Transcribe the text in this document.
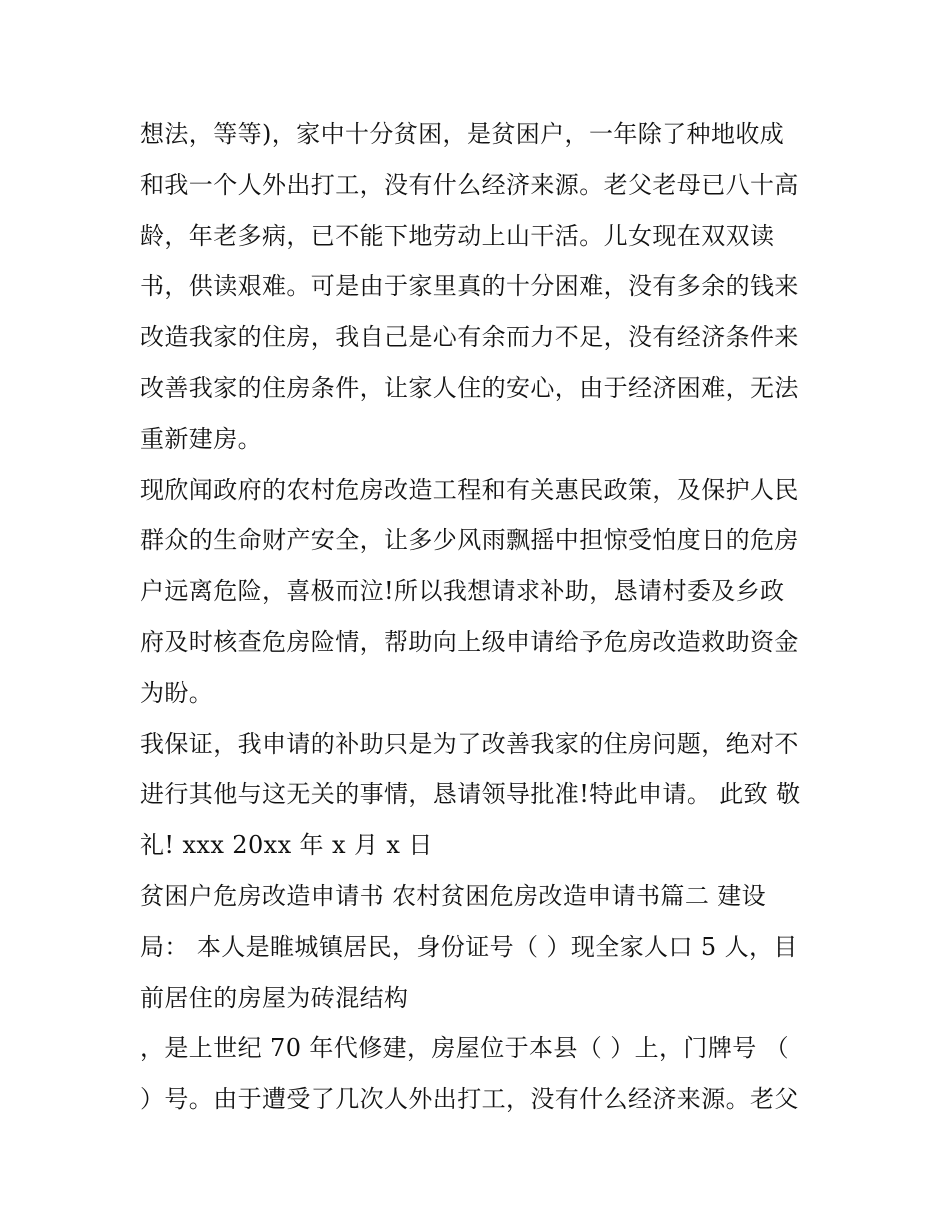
想法，等等)，家中十分贫困，是贫困户，一年除了种地收成
和我一个人外出打工，没有什么经济来源。老父老母已八十高
龄，年老多病，已不能下地劳动上山干活。儿女现在双双读
书，供读艰难。可是由于家里真的十分困难，没有多余的钱来
改造我家的住房，我自己是心有余而力不足，没有经济条件来
改善我家的住房条件，让家人住的安心，由于经济困难，无法
重新建房。
现欣闻政府的农村危房改造工程和有关惠民政策，及保护人民
群众的生命财产安全，让多少风雨飘摇中担惊受怕度日的危房
户远离危险，喜极而泣!所以我想请求补助，恳请村委及乡政
府及时核查危房险情，帮助向上级申请给予危房改造救助资金
为盼。
我保证，我申请的补助只是为了改善我家的住房问题，绝对不
进行其他与这无关的事情，恳请领导批准!特此申请。 此致 敬
礼! xxx 20xx 年 x 月 x 日
贫困户危房改造申请书 农村贫困危房改造申请书篇二 建设
局： 本人是睢城镇居民，身份证号（ ）现全家人口 5 人，目
前居住的房屋为砖混结构
，是上世纪 70 年代修建，房屋位于本县（ ）上，门牌号 （
）号。由于遭受了几次人外出打工，没有什么经济来源。老父
